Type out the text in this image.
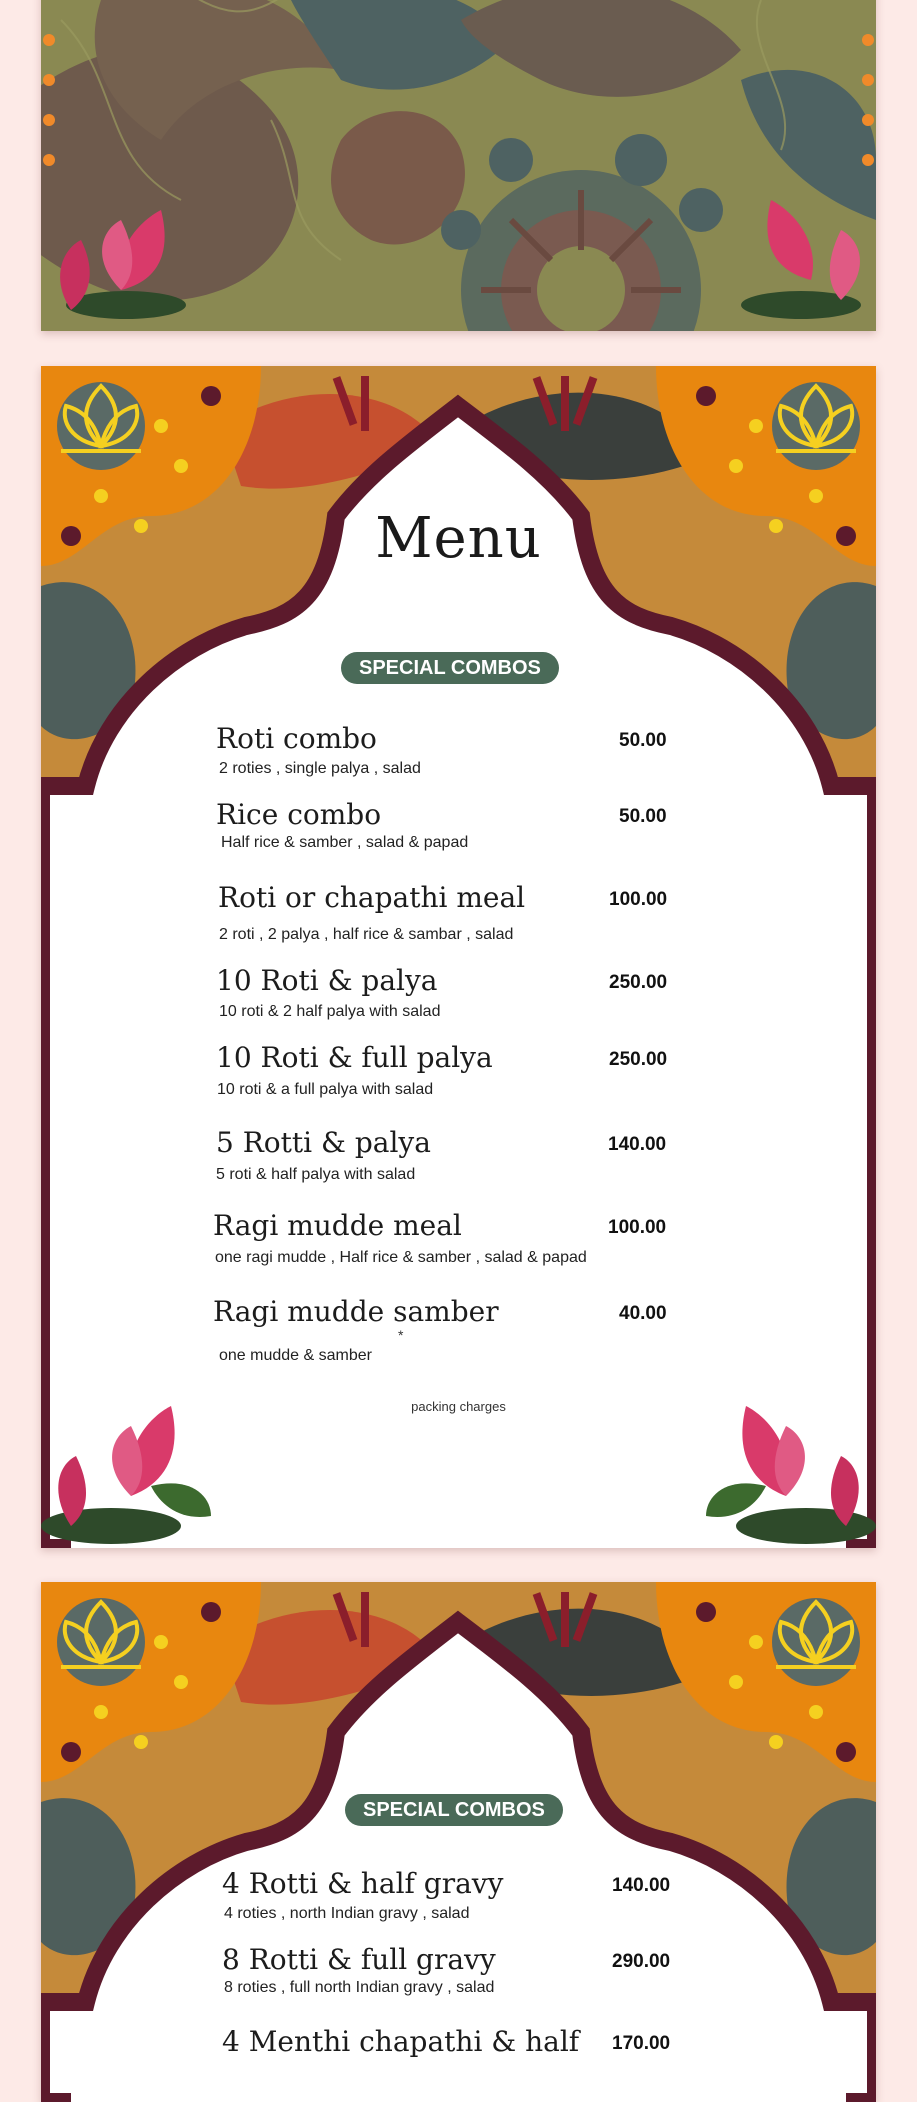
Menu
SPECIAL COMBOS
Roti combo
2 roties , single palya , salad
50.00
Rice combo
Half rice & samber , salad & papad
50.00
Roti or chapathi meal
2 roti , 2 palya , half rice & sambar , salad
100.00
10 Roti & palya
10 roti & 2 half palya with salad
250.00
10 Roti & full palya
10 roti & a full palya with salad
250.00
5 Rotti & palya
5 roti & half palya with salad
140.00
Ragi mudde meal
one ragi mudde , Half rice & samber , salad & papad
100.00
Ragi mudde samber
one mudde & samber
40.00
*
packing charges
SPECIAL COMBOS
4 Rotti & half gravy
4 roties , north Indian gravy , salad
140.00
8 Rotti & full gravy
8 roties , full north Indian gravy , salad
290.00
4 Menthi chapathi & half 170.00
